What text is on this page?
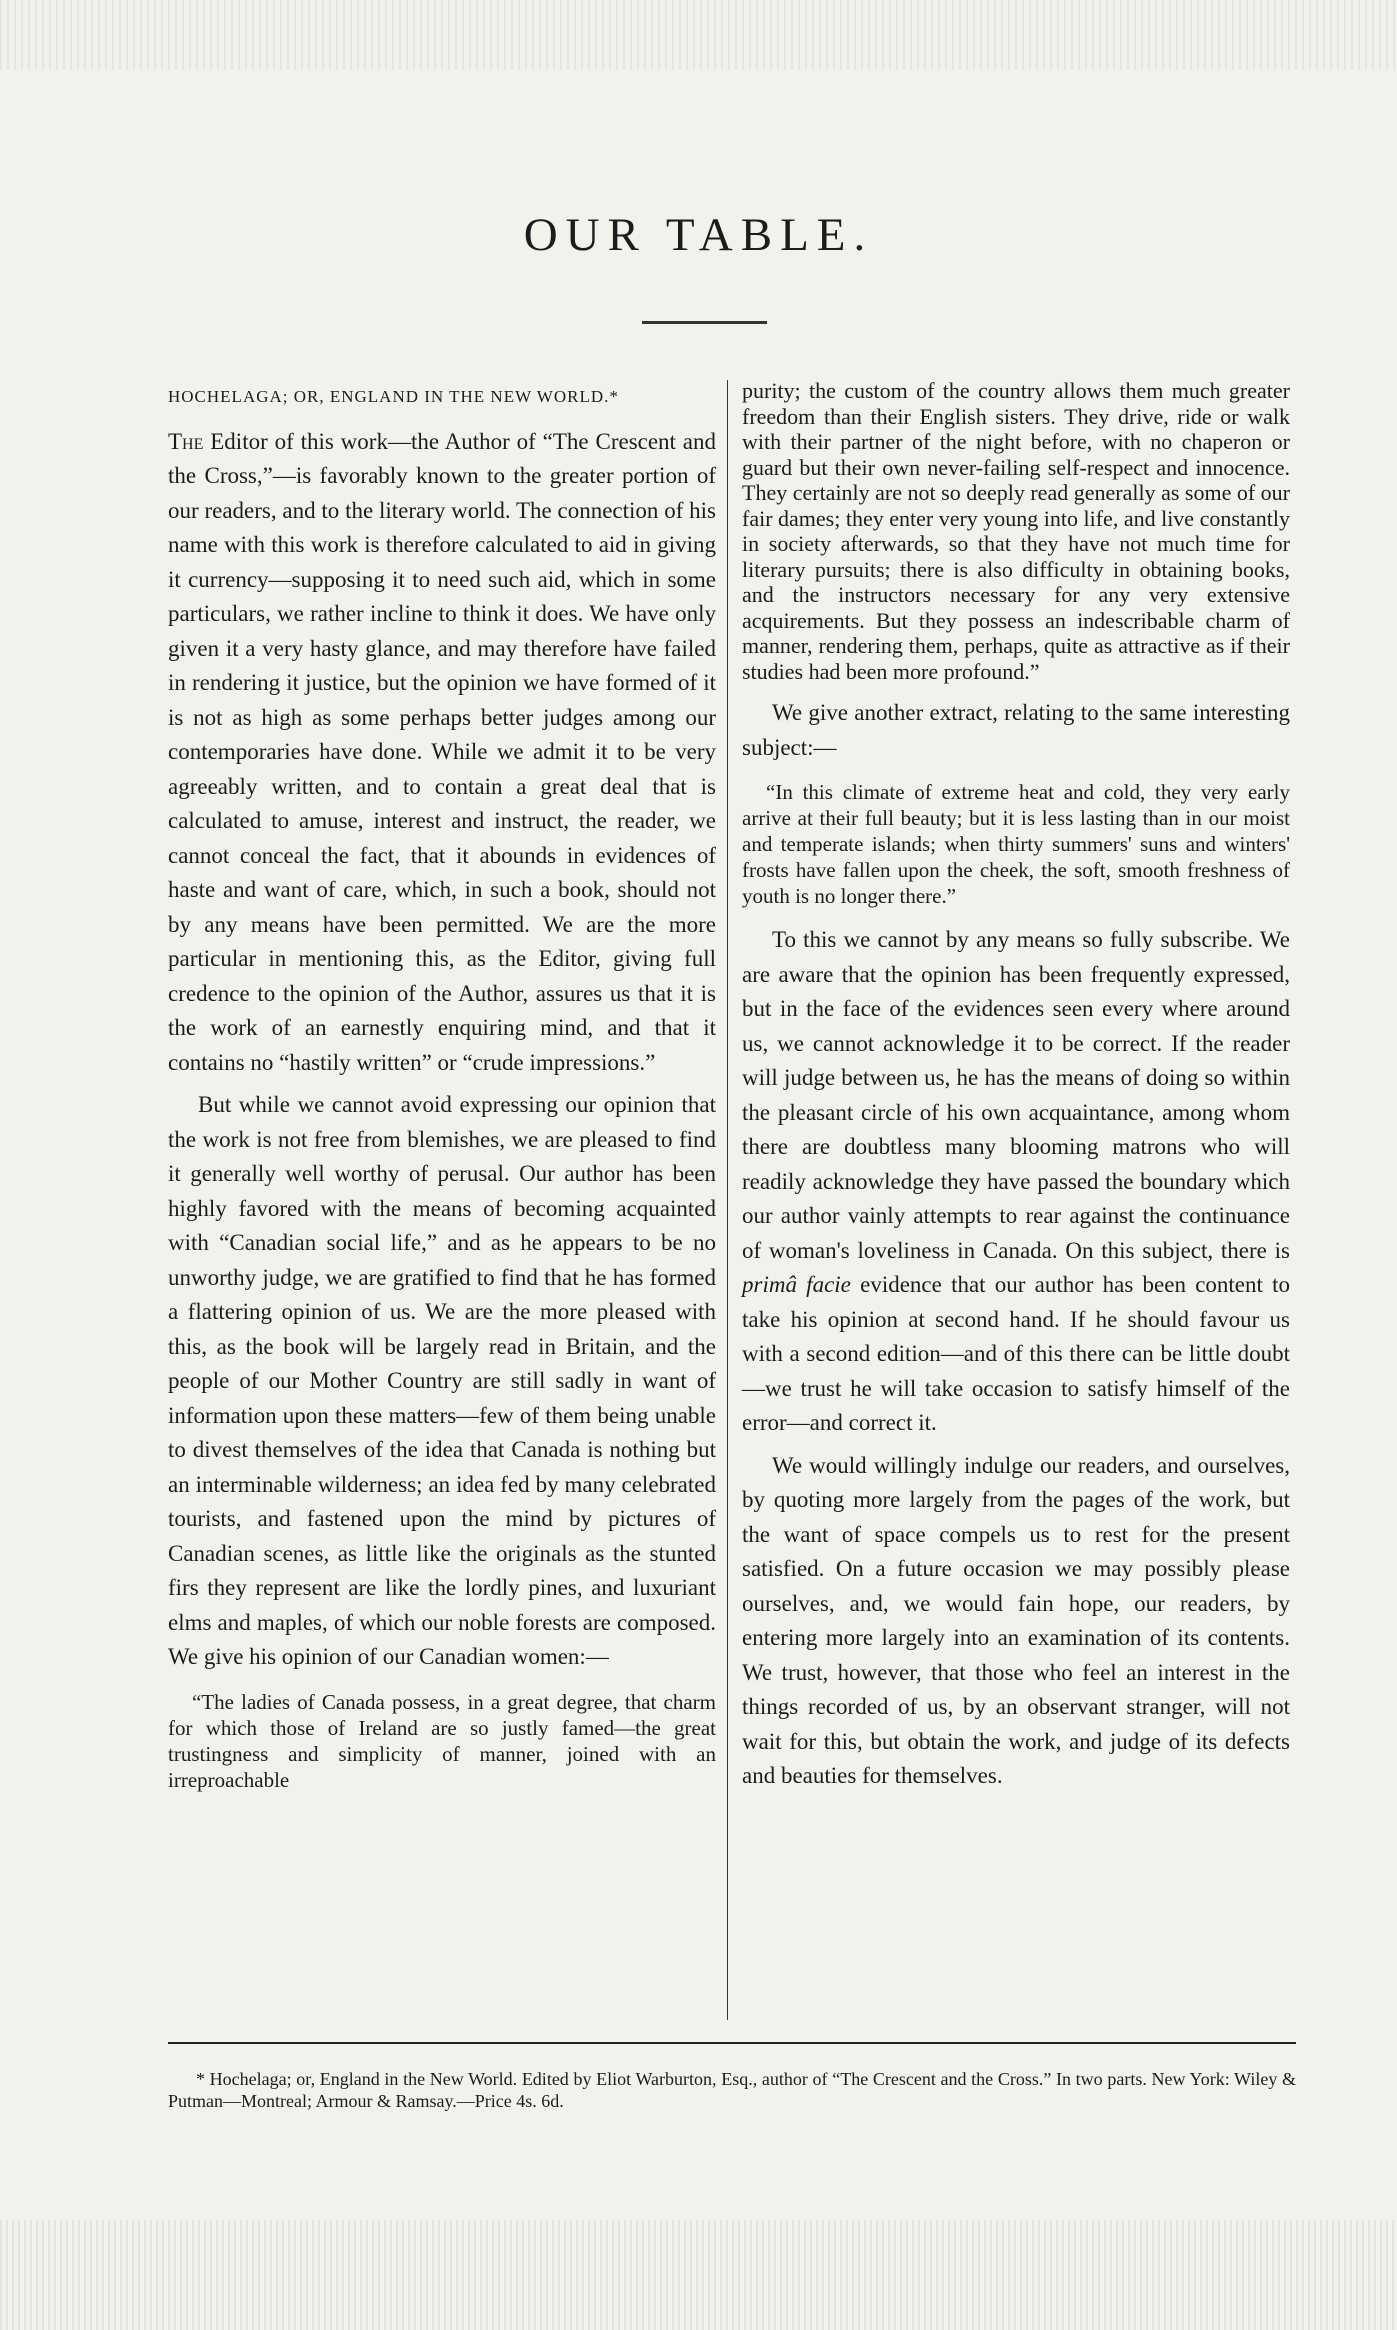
OUR TABLE.

HOCHELAGA; OR, ENGLAND IN THE NEW WORLD.*

The Editor of this work—the Author of “The Crescent and the Cross,”—is favorably known to the greater portion of our readers, and to the literary world. The connection of his name with this work is therefore calculated to aid in giving it currency—supposing it to need such aid, which in some particulars, we rather incline to think it does. We have only given it a very hasty glance, and may therefore have failed in rendering it justice, but the opinion we have formed of it is not as high as some perhaps better judges among our contemporaries have done. While we admit it to be very agreeably written, and to contain a great deal that is calculated to amuse, interest and instruct, the reader, we cannot conceal the fact, that it abounds in evidences of haste and want of care, which, in such a book, should not by any means have been permitted. We are the more particular in mentioning this, as the Editor, giving full credence to the opinion of the Author, assures us that it is the work of an earnestly enquiring mind, and that it contains no “hastily written” or “crude impressions.”

But while we cannot avoid expressing our opinion that the work is not free from blemishes, we are pleased to find it generally well worthy of perusal. Our author has been highly favored with the means of becoming acquainted with “Canadian social life,” and as he appears to be no unworthy judge, we are gratified to find that he has formed a flattering opinion of us. We are the more pleased with this, as the book will be largely read in Britain, and the people of our Mother Country are still sadly in want of information upon these matters—few of them being unable to divest themselves of the idea that Canada is nothing but an interminable wilderness; an idea fed by many celebrated tourists, and fastened upon the mind by pictures of Canadian scenes, as little like the originals as the stunted firs they represent are like the lordly pines, and luxuriant elms and maples, of which our noble forests are composed. We give his opinion of our Canadian women:—

“The ladies of Canada possess, in a great degree, that charm for which those of Ireland are so justly famed—the great trustingness and simplicity of manner, joined with an irreproachable

purity; the custom of the country allows them much greater freedom than their English sisters. They drive, ride or walk with their partner of the night before, with no chaperon or guard but their own never-failing self-respect and innocence. They certainly are not so deeply read generally as some of our fair dames; they enter very young into life, and live constantly in society afterwards, so that they have not much time for literary pursuits; there is also difficulty in obtaining books, and the instructors necessary for any very extensive acquirements. But they possess an indescribable charm of manner, rendering them, perhaps, quite as attractive as if their studies had been more profound.”

We give another extract, relating to the same interesting subject:—

“In this climate of extreme heat and cold, they very early arrive at their full beauty; but it is less lasting than in our moist and temperate islands; when thirty summers' suns and winters' frosts have fallen upon the cheek, the soft, smooth freshness of youth is no longer there.”

To this we cannot by any means so fully subscribe. We are aware that the opinion has been frequently expressed, but in the face of the evidences seen every where around us, we cannot acknowledge it to be correct. If the reader will judge between us, he has the means of doing so within the pleasant circle of his own acquaintance, among whom there are doubtless many blooming matrons who will readily acknowledge they have passed the boundary which our author vainly attempts to rear against the continuance of woman's loveliness in Canada. On this subject, there is primâ facie evidence that our author has been content to take his opinion at second hand. If he should favour us with a second edition—and of this there can be little doubt—we trust he will take occasion to satisfy himself of the error—and correct it.

We would willingly indulge our readers, and ourselves, by quoting more largely from the pages of the work, but the want of space compels us to rest for the present satisfied. On a future occasion we may possibly please ourselves, and, we would fain hope, our readers, by entering more largely into an examination of its contents. We trust, however, that those who feel an interest in the things recorded of us, by an observant stranger, will not wait for this, but obtain the work, and judge of its defects and beauties for themselves.

* Hochelaga; or, England in the New World. Edited by Eliot Warburton, Esq., author of “The Crescent and the Cross.” In two parts. New York: Wiley & Putman—Montreal; Armour & Ramsay.—Price 4s. 6d.
